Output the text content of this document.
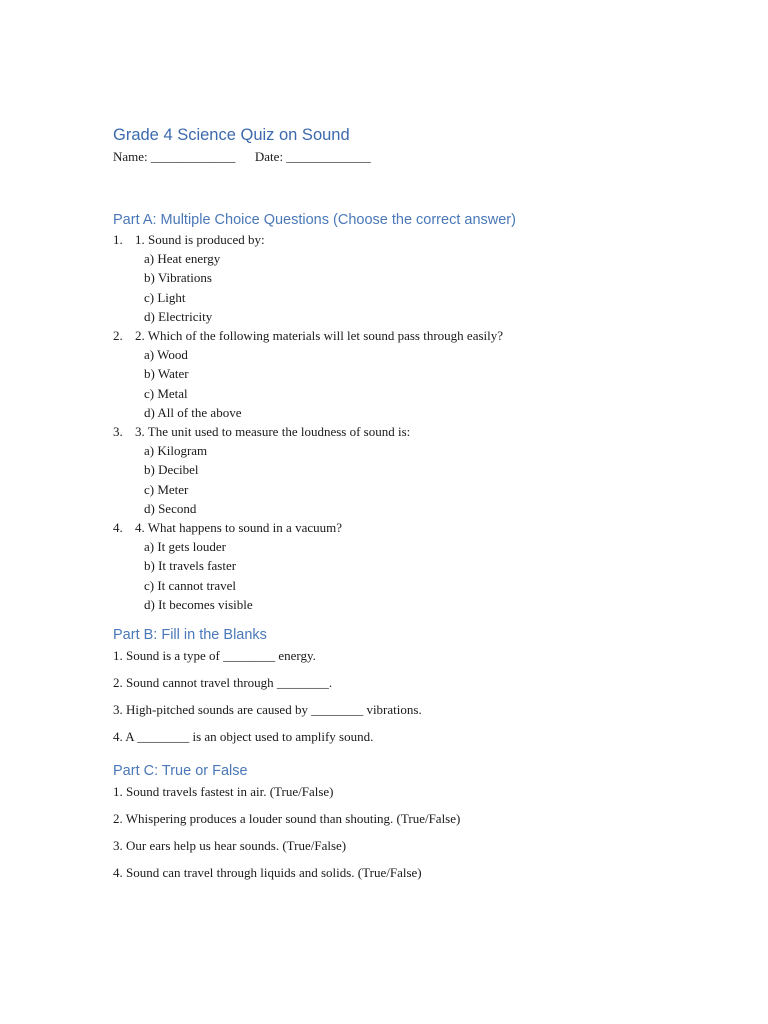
Grade 4 Science Quiz on Sound

Name: _____________      Date: _____________

Part A: Multiple Choice Questions (Choose the correct answer)
1. 1. Sound is produced by:
a) Heat energy
b) Vibrations
c) Light
d) Electricity
2. 2. Which of the following materials will let sound pass through easily?
a) Wood
b) Water
c) Metal
d) All of the above
3. 3. The unit used to measure the loudness of sound is:
a) Kilogram
b) Decibel
c) Meter
d) Second
4. 4. What happens to sound in a vacuum?
a) It gets louder
b) It travels faster
c) It cannot travel
d) It becomes visible
Part B: Fill in the Blanks

1. Sound is a type of ________ energy.

2. Sound cannot travel through ________.

3. High-pitched sounds are caused by ________ vibrations.

4. A ________ is an object used to amplify sound.

Part C: True or False

1. Sound travels fastest in air. (True/False)

2. Whispering produces a louder sound than shouting. (True/False)

3. Our ears help us hear sounds. (True/False)

4. Sound can travel through liquids and solids. (True/False)
